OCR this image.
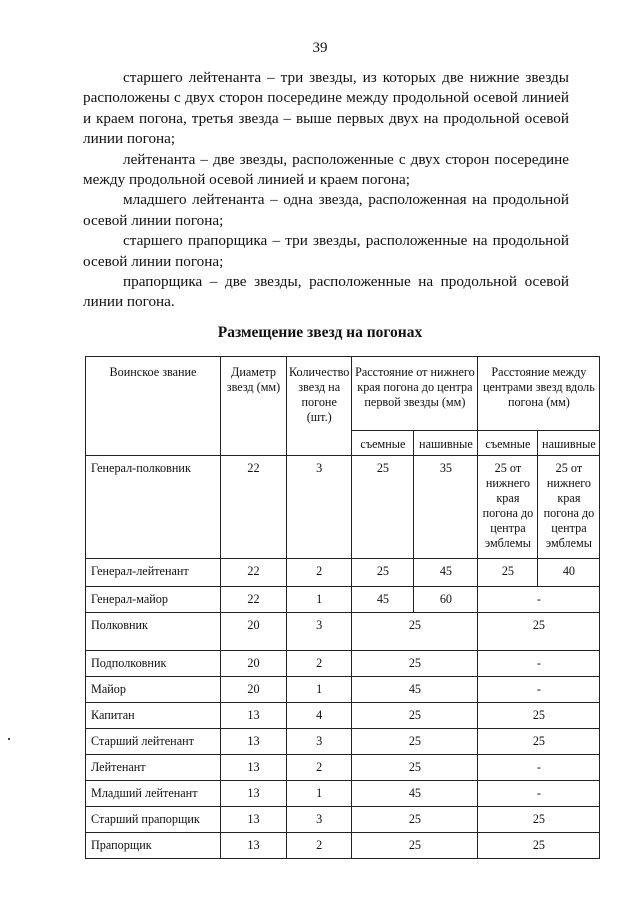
39

старшего лейтенанта – три звезды, из которых две нижние звезды расположены с двух сторон посередине между продольной осевой линией и краем погона, третья звезда – выше первых двух на продольной осевой линии погона;

лейтенанта – две звезды, расположенные с двух сторон посередине между продольной осевой линией и краем погона;

младшего лейтенанта – одна звезда, расположенная на продольной осевой линии погона;

старшего прапорщика – три звезды, расположенные на продольной осевой линии погона;

прапорщика – две звезды, расположенные на продольной осевой линии погона.

Размещение звезд на погонах
Воинское звание	Диаметр звезд (мм)	Количество звезд на погоне (шт.)	Расстояние от нижнего края погона до центра первой звезды (мм)		Расстояние между центрами звезд вдоль погона (мм)	
			съемные	нашивные	съемные	нашивные
Генерал-полковник	22	3	25	35	25 от нижнего края погона до центра эмблемы	25 от нижнего края погона до центра эмблемы
Генерал-лейтенант	22	2	25	45	25	40
Генерал-майор	22	1	45	60	-	
Полковник	20	3	25		25	
Подполковник	20	2	25		-	
Майор	20	1	45		-	
Капитан	13	4	25		25	
Старший лейтенант	13	3	25		25	
Лейтенант	13	2	25		-	
Младший лейтенант	13	1	45		-	
Старший прапорщик	13	3	25		25	
Прапорщик	13	2	25		25	
